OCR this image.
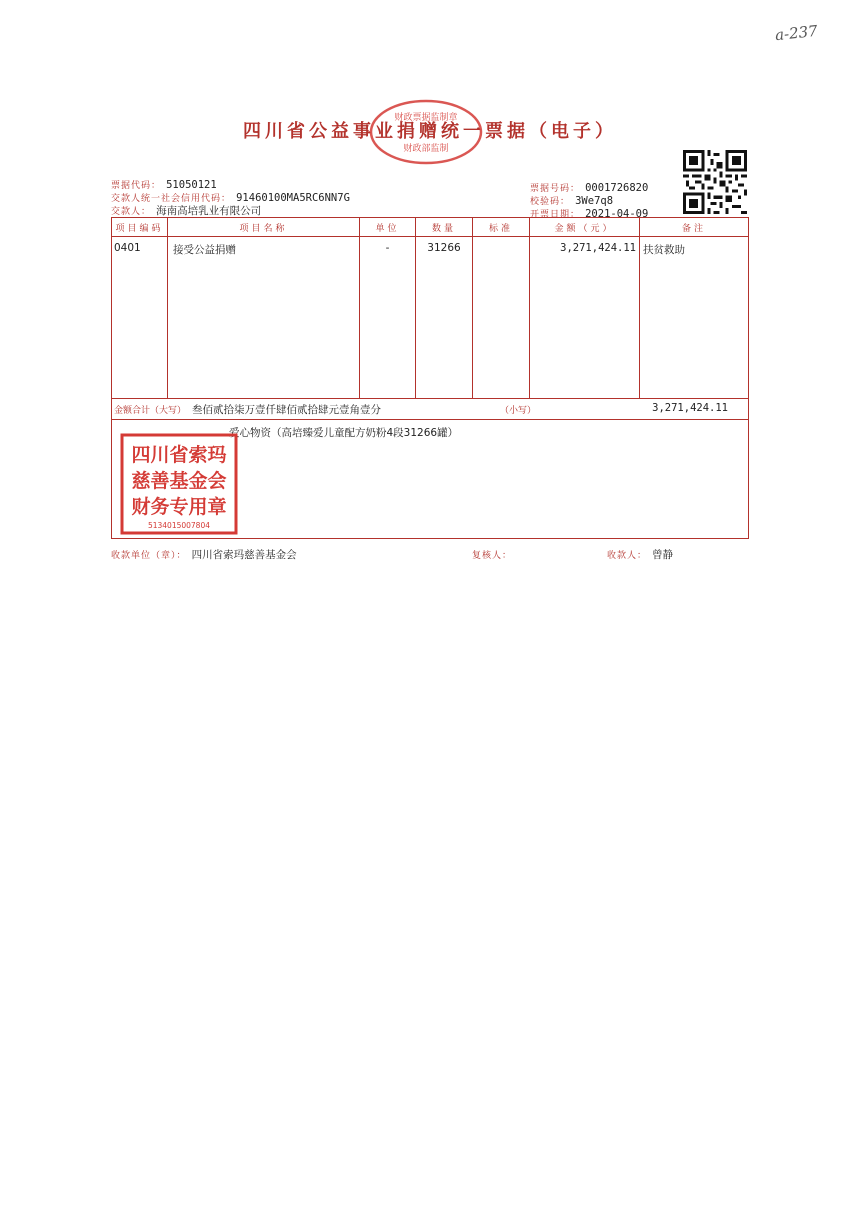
a-237
四川省公益事业捐赠统一票据（电子）
财政票据监制章
财政部监制
票据代码： 51050121
交款人统一社会信用代码： 91460100MA5RC6NN7G
交款人： 海南高培乳业有限公司
票据号码： 0001726820
校验码： 3We7q8
开票日期： 2021-04-09
项目编码	项目名称	单位	数量	标准	金额（元）	备注
0401	接受公益捐赠	-	31266		3,271,424.11	扶贫救助

金额合计（大写） 叁佰贰拾柒万壹仟肆佰贰拾肆元壹角壹分 （小写） 3,271,424.11						

爱心物资（高培臻爱儿童配方奶粉4段31266罐）						
四川省索玛
慈善基金会
财务专用章
5134015007804
收款单位（章）： 四川省索玛慈善基金会	复核人：	收款人： 曾静
